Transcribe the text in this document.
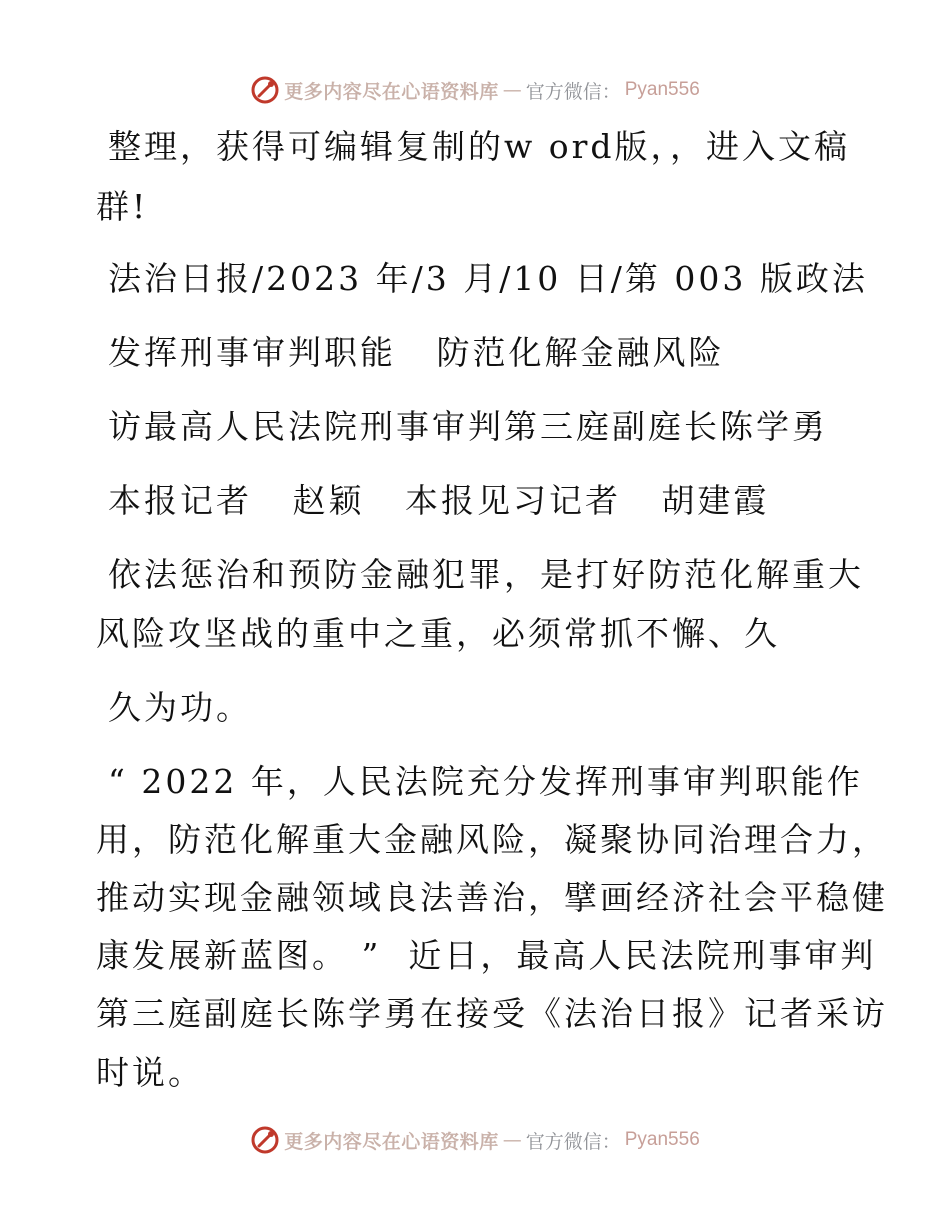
更多内容尽在心语资料库 — 官方微信： Pyan556
整理，获得可编辑复制的w ord版，，进入文稿
群!
法治日报/2023 年/3 月/10 日/第 003 版政法
发挥刑事审判职能   防范化解金融风险
访最高人民法院刑事审判第三庭副庭长陈学勇
本报记者   赵颖   本报见习记者   胡建霞
依法惩治和预防金融犯罪，是打好防范化解重大
风险攻坚战的重中之重，必须常抓不懈、久
久为功。
“ 2022 年，人民法院充分发挥刑事审判职能作
用，防范化解重大金融风险，凝聚协同治理合力，
推动实现金融领域良法善治，擘画经济社会平稳健
康发展新蓝图。 ”  近日，最高人民法院刑事审判
第三庭副庭长陈学勇在接受《法治日报》记者采访
时说。
更多内容尽在心语资料库 — 官方微信： Pyan556
